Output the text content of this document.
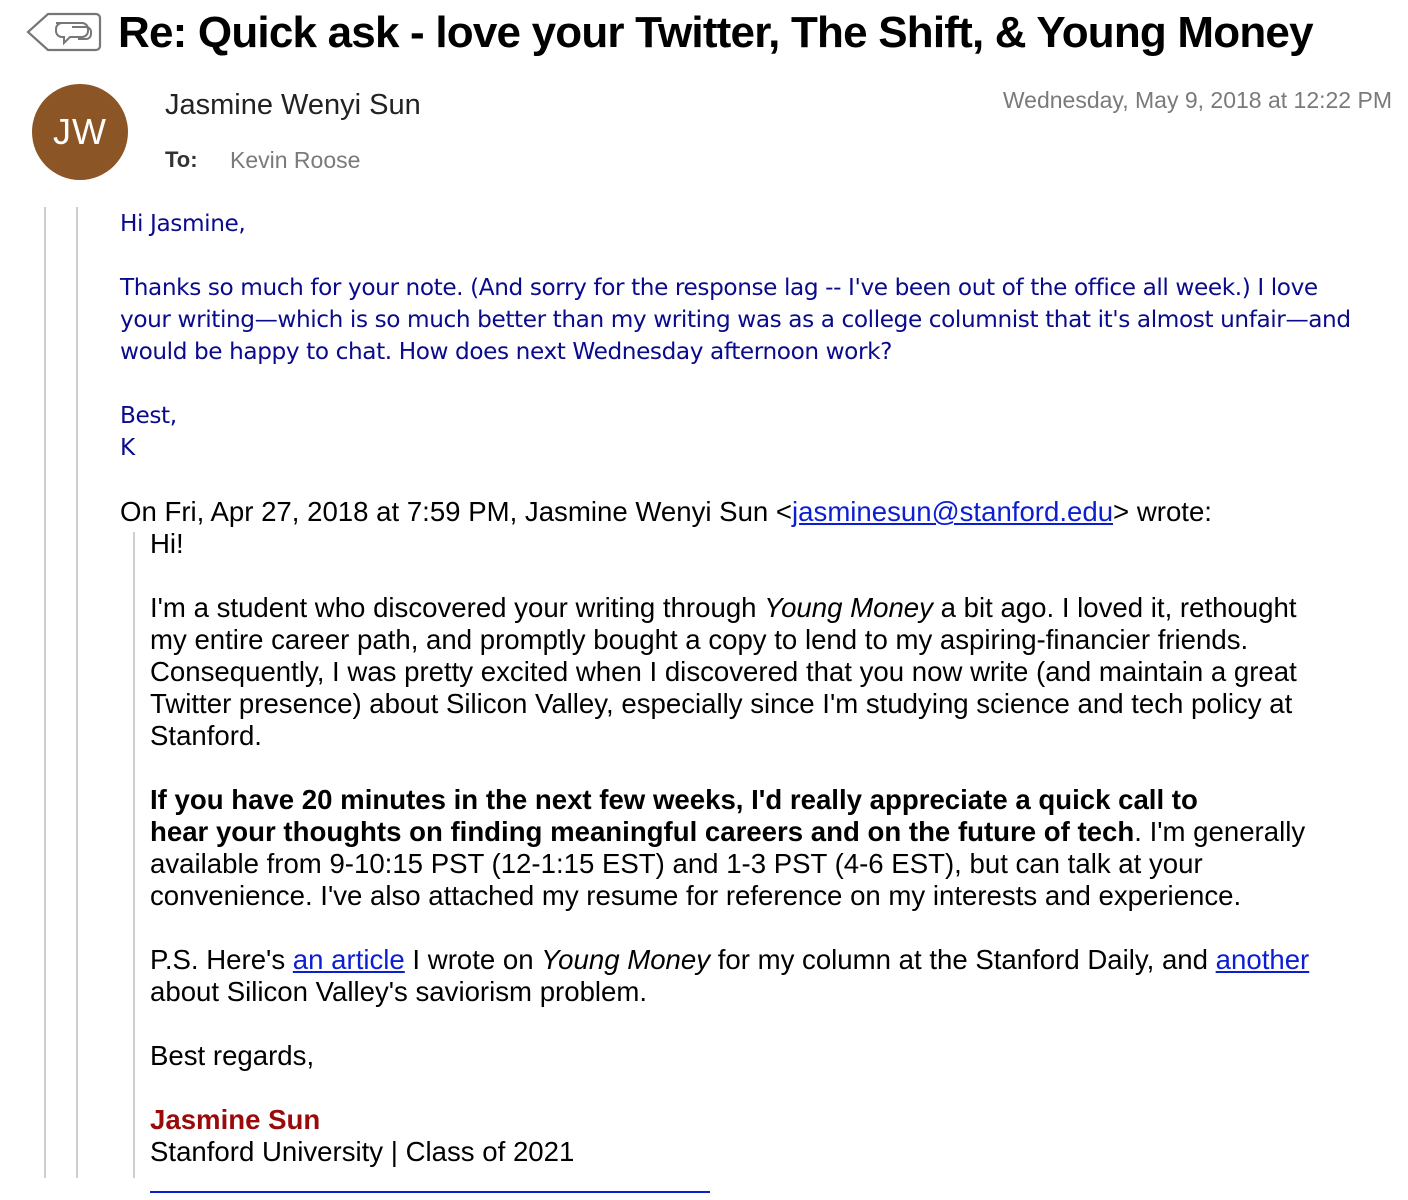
Re: Quick ask - love your Twitter, The Shift, & Young Money
JW
Jasmine Wenyi Sun	Wednesday, May 9, 2018 at 12:22 PM
To: Kevin Roose

Hi Jasmine,

Thanks so much for your note. (And sorry for the response lag -- I've been out of the office all week.) I love

your writing—which is so much better than my writing was as a college columnist that it's almost unfair—and

would be happy to chat. How does next Wednesday afternoon work?

Best,

K

On Fri, Apr 27, 2018 at 7:59 PM, Jasmine Wenyi Sun <jasminesun@stanford.edu> wrote:

Hi!

I'm a student who discovered your writing through Young Money a bit ago. I loved it, rethought

my entire career path, and promptly bought a copy to lend to my aspiring-financier friends.

Consequently, I was pretty excited when I discovered that you now write (and maintain a great

Twitter presence) about Silicon Valley, especially since I'm studying science and tech policy at

Stanford.

If you have 20 minutes in the next few weeks, I'd really appreciate a quick call to

hear your thoughts on finding meaningful careers and on the future of tech. I'm generally

available from 9-10:15 PST (12-1:15 EST) and 1-3 PST (4-6 EST), but can talk at your

convenience. I've also attached my resume for reference on my interests and experience.

P.S. Here's an article I wrote on Young Money for my column at the Stanford Daily, and another

about Silicon Valley's saviorism problem.

Best regards,

Jasmine Sun

Stanford University | Class of 2021
